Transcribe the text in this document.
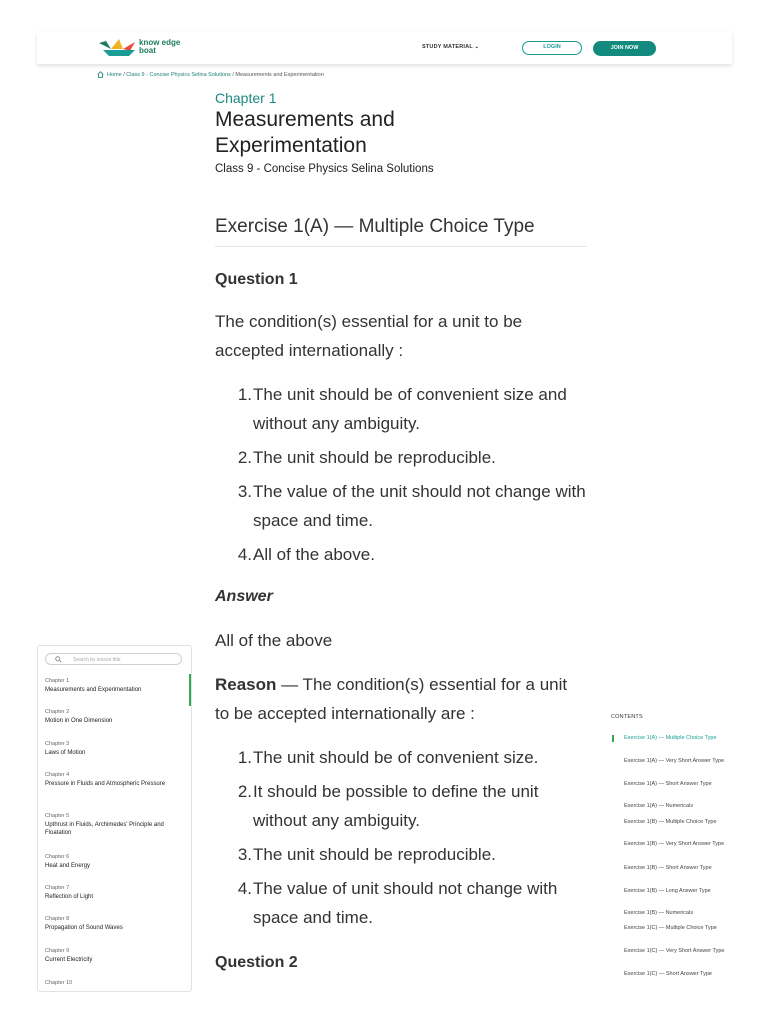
know edge
boat	STUDY MATERIAL ⌄	LOGIN	JOIN NOW
Home / Class 9 - Concise Physics Selina Solutions / Measurements and Experimentation
Chapter 1
Measurements and Experimentation
Class 9 - Concise Physics Selina Solutions
Exercise 1(A) — Multiple Choice Type
Question 1
The condition(s) essential for a unit to be accepted internationally :
1. The unit should be of convenient size and without any ambiguity.
2. The unit should be reproducible.
3. The value of the unit should not change with space and time.
4. All of the above.
Answer
All of the above
Reason — The condition(s) essential for a unit to be accepted internationally are :
1. The unit should be of convenient size.
2. It should be possible to define the unit without any ambiguity.
3. The unit should be reproducible.
4. The value of unit should not change with space and time.
Question 2
Search by lesson title
Chapter 1
Measurements and Experimentation
Chapter 2
Motion in One Dimension
Chapter 3
Laws of Motion
Chapter 4
Pressure in Fluids and Atmospheric Pressure
Chapter 5
Upthrust in Fluids, Archimedes' Principle and Floatation
Chapter 6
Heat and Energy
Chapter 7
Reflection of Light
Chapter 8
Propagation of Sound Waves
Chapter 9
Current Electricity
Chapter 10
CONTENTS
Exercise 1(A) — Multiple Choice Type
Exercise 1(A) — Very Short Answer Type
Exercise 1(A) — Short Answer Type
Exercise 1(A) — Numericals
Exercise 1(B) — Multiple Choice Type
Exercise 1(B) — Very Short Answer Type
Exercise 1(B) — Short Answer Type
Exercise 1(B) — Long Answer Type
Exercise 1(B) — Numericals
Exercise 1(C) — Multiple Choice Type
Exercise 1(C) — Very Short Answer Type
Exercise 1(C) — Short Answer Type
